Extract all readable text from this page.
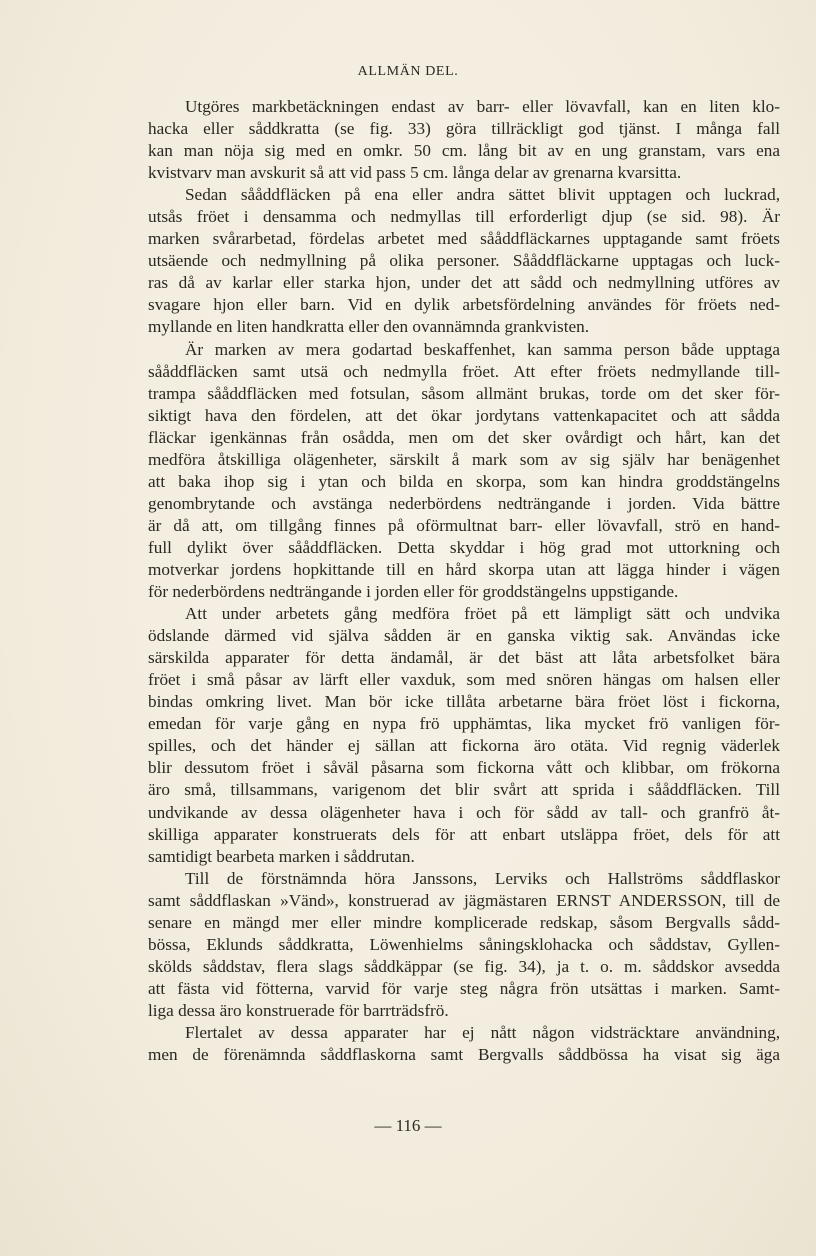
ALLMÄN DEL.

Utgöres markbetäckningen endast av barr- eller lövavfall, kan en liten klo-
hacka eller såddkratta (se fig. 33) göra tillräckligt god tjänst. I många fall
kan man nöja sig med en omkr. 50 cm. lång bit av en ung granstam, vars ena
kvistvarv man avskurit så att vid pass 5 cm. långa delar av grenarna kvarsitta.

Sedan sååddfläcken på ena eller andra sättet blivit upptagen och luckrad,
utsås fröet i densamma och nedmyllas till erforderligt djup (se sid. 98). Är
marken svårarbetad, fördelas arbetet med sååddfläckarnes upptagande samt fröets
utsäende och nedmyllning på olika personer. Sååddfläckarne upptagas och luck-
ras då av karlar eller starka hjon, under det att sådd och nedmyllning utföres av
svagare hjon eller barn. Vid en dylik arbetsfördelning användes för fröets ned-
myllande en liten handkratta eller den ovannämnda grankvisten.

Är marken av mera godartad beskaffenhet, kan samma person både upptaga
sååddfläcken samt utsä och nedmylla fröet. Att efter fröets nedmyllande till-
trampa sååddfläcken med fotsulan, såsom allmänt brukas, torde om det sker för-
siktigt hava den fördelen, att det ökar jordytans vattenkapacitet och att sådda
fläckar igenkännas från osådda, men om det sker ovårdigt och hårt, kan det
medföra åtskilliga olägenheter, särskilt å mark som av sig själv har benägenhet
att baka ihop sig i ytan och bilda en skorpa, som kan hindra groddstängelns
genombrytande och avstänga nederbördens nedträngande i jorden. Vida bättre
är då att, om tillgång finnes på oförmultnat barr- eller lövavfall, strö en hand-
full dylikt över sååddfläcken. Detta skyddar i hög grad mot uttorkning och
motverkar jordens hopkittande till en hård skorpa utan att lägga hinder i vägen
för nederbördens nedträngande i jorden eller för groddstängelns uppstigande.

Att under arbetets gång medföra fröet på ett lämpligt sätt och undvika
ödslande därmed vid själva sådden är en ganska viktig sak. Användas icke
särskilda apparater för detta ändamål, är det bäst att låta arbetsfolket bära
fröet i små påsar av lärft eller vaxduk, som med snören hängas om halsen eller
bindas omkring livet. Man bör icke tillåta arbetarne bära fröet löst i fickorna,
emedan för varje gång en nypa frö upphämtas, lika mycket frö vanligen för-
spilles, och det händer ej sällan att fickorna äro otäta. Vid regnig väderlek
blir dessutom fröet i såväl påsarna som fickorna vått och klibbar, om frökorna
äro små, tillsammans, varigenom det blir svårt att sprida i sååddfläcken. Till
undvikande av dessa olägenheter hava i och för sådd av tall- och granfrö åt-
skilliga apparater konstruerats dels för att enbart utsläppa fröet, dels för att
samtidigt bearbeta marken i såddrutan.

Till de förstnämnda höra Janssons, Lerviks och Hallströms såddflaskor
samt såddflaskan »Vänd», konstruerad av jägmästaren ERNST ANDERSSON, till de
senare en mängd mer eller mindre komplicerade redskap, såsom Bergvalls sådd-
bössa, Eklunds såddkratta, Löwenhielms såningsklohacka och såddstav, Gyllen-
skölds såddstav, flera slags såddkäppar (se fig. 34), ja t. o. m. såddskor avsedda
att fästa vid fötterna, varvid för varje steg några frön utsättas i marken. Samt-
liga dessa äro konstruerade för barrträdsfrö.

Flertalet av dessa apparater har ej nått någon vidsträcktare användning,
men de förenämnda såddflaskorna samt Bergvalls såddbössa ha visat sig äga

— 116 —
